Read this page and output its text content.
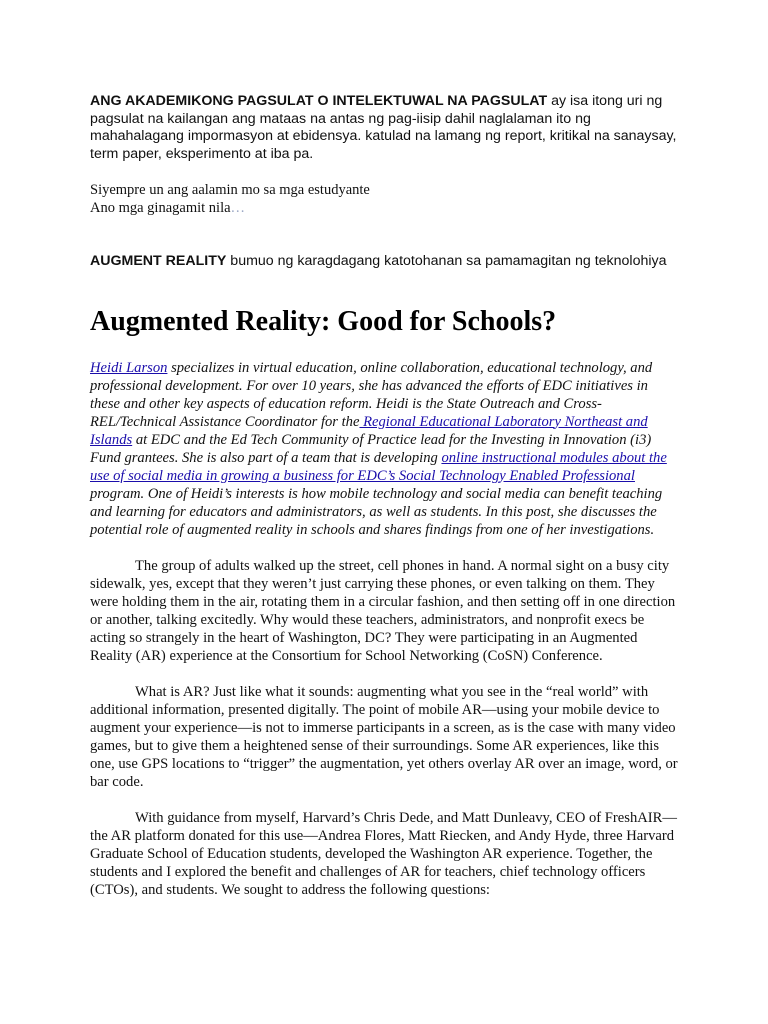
ANG AKADEMIKONG PAGSULAT O INTELEKTUWAL NA PAGSULAT ay isa itong uri ng pagsulat na kailangan ang mataas na antas ng pag-iisip dahil naglalaman ito ng mahahalagang impormasyon at ebidensya. katulad na lamang ng report, kritikal na sanaysay, term paper, eksperimento at iba pa.

Siyempre un ang aalamin mo sa mga estudyante
Ano mga ginagamit nila…

AUGMENT REALITY bumuo ng karagdagang katotohanan sa pamamagitan ng teknolohiya

Augmented Reality: Good for Schools?

Heidi Larson specializes in virtual education, online collaboration, educational technology, and professional development. For over 10 years, she has advanced the efforts of EDC initiatives in these and other key aspects of education reform. Heidi is the State Outreach and Cross-REL/Technical Assistance Coordinator for the Regional Educational Laboratory Northeast and Islands at EDC and the Ed Tech Community of Practice lead for the Investing in Innovation (i3) Fund grantees. She is also part of a team that is developing online instructional modules about the use of social media in growing a business for EDC’s Social Technology Enabled Professional program. One of Heidi’s interests is how mobile technology and social media can benefit teaching and learning for educators and administrators, as well as students. In this post, she discusses the potential role of augmented reality in schools and shares findings from one of her investigations.

The group of adults walked up the street, cell phones in hand. A normal sight on a busy city sidewalk, yes, except that they weren’t just carrying these phones, or even talking on them. They were holding them in the air, rotating them in a circular fashion, and then setting off in one direction or another, talking excitedly. Why would these teachers, administrators, and nonprofit execs be acting so strangely in the heart of Washington, DC? They were participating in an Augmented Reality (AR) experience at the Consortium for School Networking (CoSN) Conference.

What is AR? Just like what it sounds: augmenting what you see in the “real world” with additional information, presented digitally. The point of mobile AR—using your mobile device to augment your experience—is not to immerse participants in a screen, as is the case with many video games, but to give them a heightened sense of their surroundings. Some AR experiences, like this one, use GPS locations to “trigger” the augmentation, yet others overlay AR over an image, word, or bar code.

With guidance from myself, Harvard’s Chris Dede, and Matt Dunleavy, CEO of FreshAIR—the AR platform donated for this use—Andrea Flores, Matt Riecken, and Andy Hyde, three Harvard Graduate School of Education students, developed the Washington AR experience. Together, the students and I explored the benefit and challenges of AR for teachers, chief technology officers (CTOs), and students. We sought to address the following questions:
